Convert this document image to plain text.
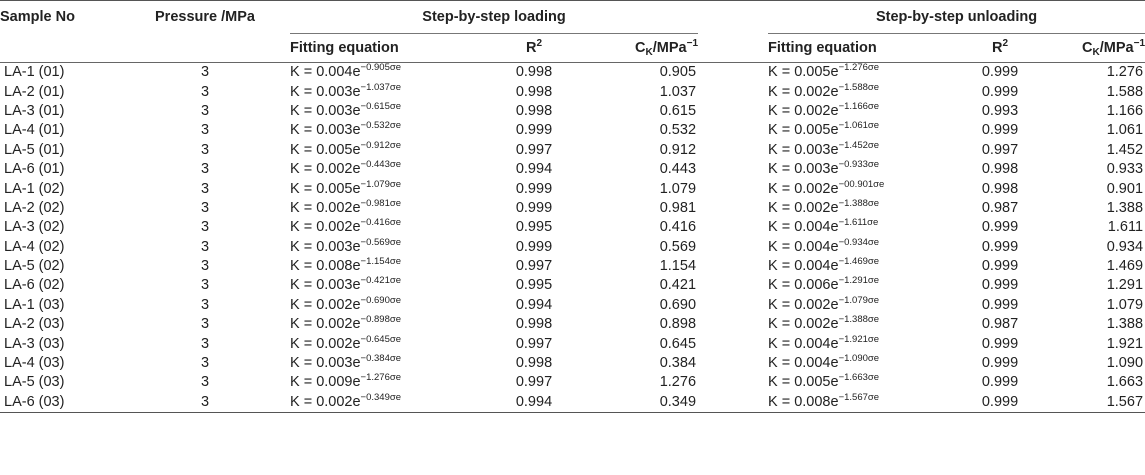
Sample No	Pressure /MPa	Step-by-step loading				Step-by-step unloading		
		Fitting equation	$R^2$	$C_K/MPa^{-1}$		Fitting equation	$R^2$	$C_K/MPa^{-1}$
LA-1 (01)	3	$K = 0.004e^{-0.905\sigma e}$	0.998	0.905		$K = 0.005e^{-1.276\sigma e}$	0.999	1.276
LA-2 (01)	3	$K = 0.003e^{-1.037\sigma e}$	0.998	1.037		$K = 0.002e^{-1.588\sigma e}$	0.999	1.588
LA-3 (01)	3	$K = 0.003e^{-0.615\sigma e}$	0.998	0.615		$K = 0.002e^{-1.166\sigma e}$	0.993	1.166
LA-4 (01)	3	$K = 0.003e^{-0.532\sigma e}$	0.999	0.532		$K = 0.005e^{-1.061\sigma e}$	0.999	1.061
LA-5 (01)	3	$K = 0.005e^{-0.912\sigma e}$	0.997	0.912		$K = 0.003e^{-1.452\sigma e}$	0.997	1.452
LA-6 (01)	3	$K = 0.002e^{-0.443\sigma e}$	0.994	0.443		$K = 0.003e^{-0.933\sigma e}$	0.998	0.933
LA-1 (02)	3	$K = 0.005e^{-1.079\sigma e}$	0.999	1.079		$K = 0.002e^{-00.901\sigma e}$	0.998	0.901
LA-2 (02)	3	$K = 0.002e^{-0.981\sigma e}$	0.999	0.981		$K = 0.002e^{-1.388\sigma e}$	0.987	1.388
LA-3 (02)	3	$K = 0.002e^{-0.416\sigma e}$	0.995	0.416		$K = 0.004e^{-1.611\sigma e}$	0.999	1.611
LA-4 (02)	3	$K = 0.003e^{-0.569\sigma e}$	0.999	0.569		$K = 0.004e^{-0.934\sigma e}$	0.999	0.934
LA-5 (02)	3	$K = 0.008e^{-1.154\sigma e}$	0.997	1.154		$K = 0.004e^{-1.469\sigma e}$	0.999	1.469
LA-6 (02)	3	$K = 0.003e^{-0.421\sigma e}$	0.995	0.421		$K = 0.006e^{-1.291\sigma e}$	0.999	1.291
LA-1 (03)	3	$K = 0.002e^{-0.690\sigma e}$	0.994	0.690		$K = 0.002e^{-1.079\sigma e}$	0.999	1.079
LA-2 (03)	3	$K = 0.002e^{-0.898\sigma e}$	0.998	0.898		$K = 0.002e^{-1.388\sigma e}$	0.987	1.388
LA-3 (03)	3	$K = 0.002e^{-0.645\sigma e}$	0.997	0.645		$K = 0.004e^{-1.921\sigma e}$	0.999	1.921
LA-4 (03)	3	$K = 0.003e^{-0.384\sigma e}$	0.998	0.384		$K = 0.004e^{-1.090\sigma e}$	0.999	1.090
LA-5 (03)	3	$K = 0.009e^{-1.276\sigma e}$	0.997	1.276		$K = 0.005e^{-1.663\sigma e}$	0.999	1.663
LA-6 (03)	3	$K = 0.002e^{-0.349\sigma e}$	0.994	0.349		$K = 0.008e^{-1.567\sigma e}$	0.999	1.567
